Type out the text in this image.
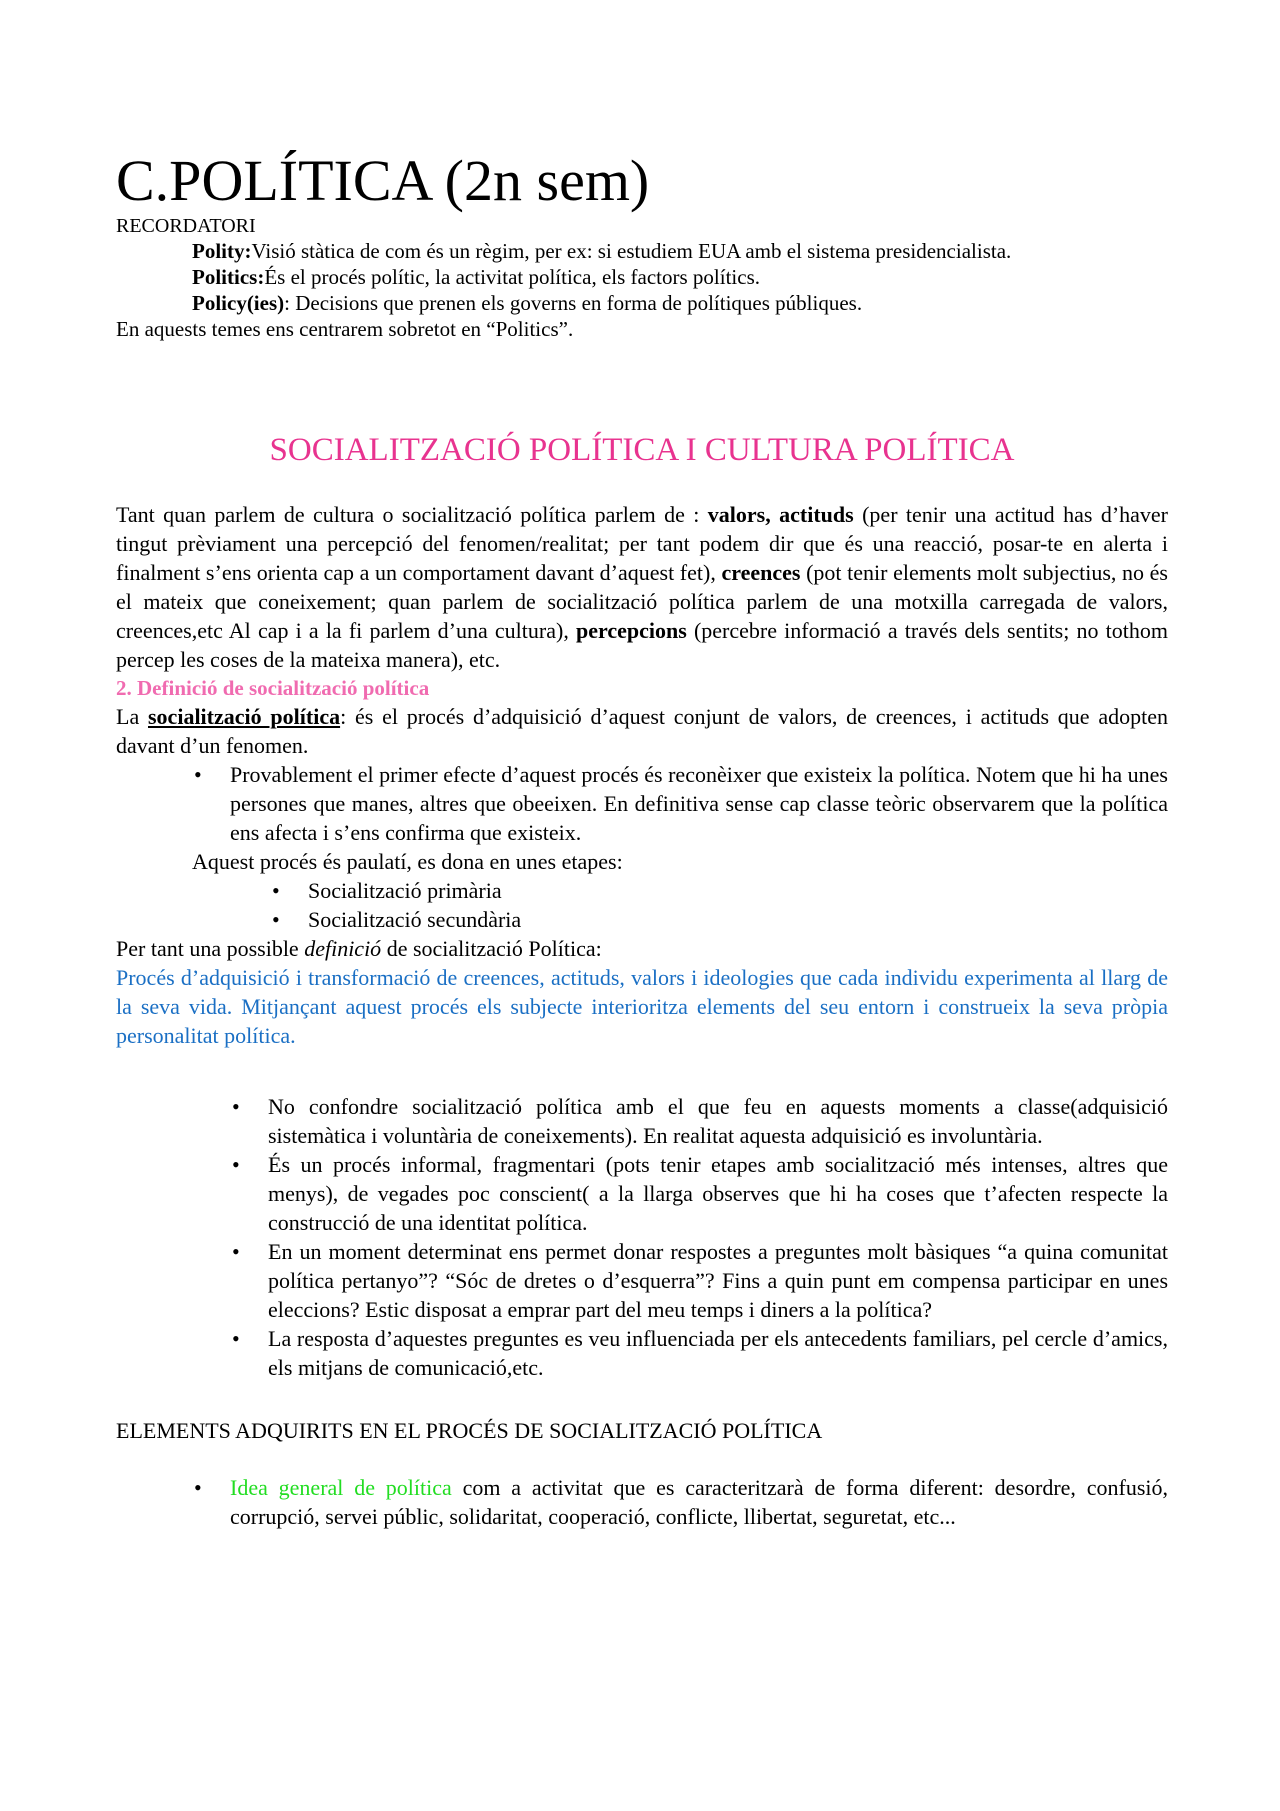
C.POLÍTICA (2n sem)
RECORDATORI
Polity:Visió stàtica de com és un règim, per ex: si estudiem EUA amb el sistema presidencialista.
Politics:És el procés polític, la activitat política, els factors polítics.
Policy(ies): Decisions que prenen els governs en forma de polítiques públiques.
En aquests temes ens centrarem sobretot en “Politics”.
SOCIALITZACIÓ POLÍTICA I CULTURA POLÍTICA
Tant quan parlem de cultura o socialització política parlem de : valors, actituds (per tenir una actitud has d’haver tingut prèviament una percepció del fenomen/realitat; per tant podem dir que és una reacció, posar-te en alerta i finalment s’ens orienta cap a un comportament davant d’aquest fet), creences (pot tenir elements molt subjectius, no és el mateix que coneixement; quan parlem de socialització política parlem de una motxilla carregada de valors, creences,etc Al cap i a la fi parlem d’una cultura), percepcions (percebre informació a través dels sentits; no tothom percep les coses de la mateixa manera), etc.
2. Definició de socialització política
La socialització política: és el procés d’adquisició d’aquest conjunt de valors, de creences, i actituds que adopten davant d’un fenomen.
• Provablement el primer efecte d’aquest procés és reconèixer que existeix la política. Notem que hi ha unes persones que manes, altres que obeeixen. En definitiva sense cap classe teòric observarem que la política ens afecta i s’ens confirma que existeix.
Aquest procés és paulatí, es dona en unes etapes:
• Socialització primària
• Socialització secundària
Per tant una possible definició de socialització Política:
Procés d’adquisició i transformació de creences, actituds, valors i ideologies que cada individu experimenta al llarg de la seva vida. Mitjançant aquest procés els subjecte interioritza elements del seu entorn i construeix la seva pròpia personalitat política.
• No confondre socialització política amb el que feu en aquests moments a classe(adquisició sistemàtica i voluntària de coneixements). En realitat aquesta adquisició es involuntària.
• És un procés informal, fragmentari (pots tenir etapes amb socialització més intenses, altres que menys), de vegades poc conscient( a la llarga observes que hi ha coses que t’afecten respecte la construcció de una identitat política.
• En un moment determinat ens permet donar respostes a preguntes molt bàsiques “a quina comunitat política pertanyo”? “Sóc de dretes o d’esquerra”? Fins a quin punt em compensa participar en unes eleccions? Estic disposat a emprar part del meu temps i diners a la política?
• La resposta d’aquestes preguntes es veu influenciada per els antecedents familiars, pel cercle d’amics, els mitjans de comunicació,etc.
ELEMENTS ADQUIRITS EN EL PROCÉS DE SOCIALITZACIÓ POLÍTICA
• Idea general de política com a activitat que es caracteritzarà de forma diferent: desordre, confusió, corrupció, servei públic, solidaritat, cooperació, conflicte, llibertat, seguretat, etc...
